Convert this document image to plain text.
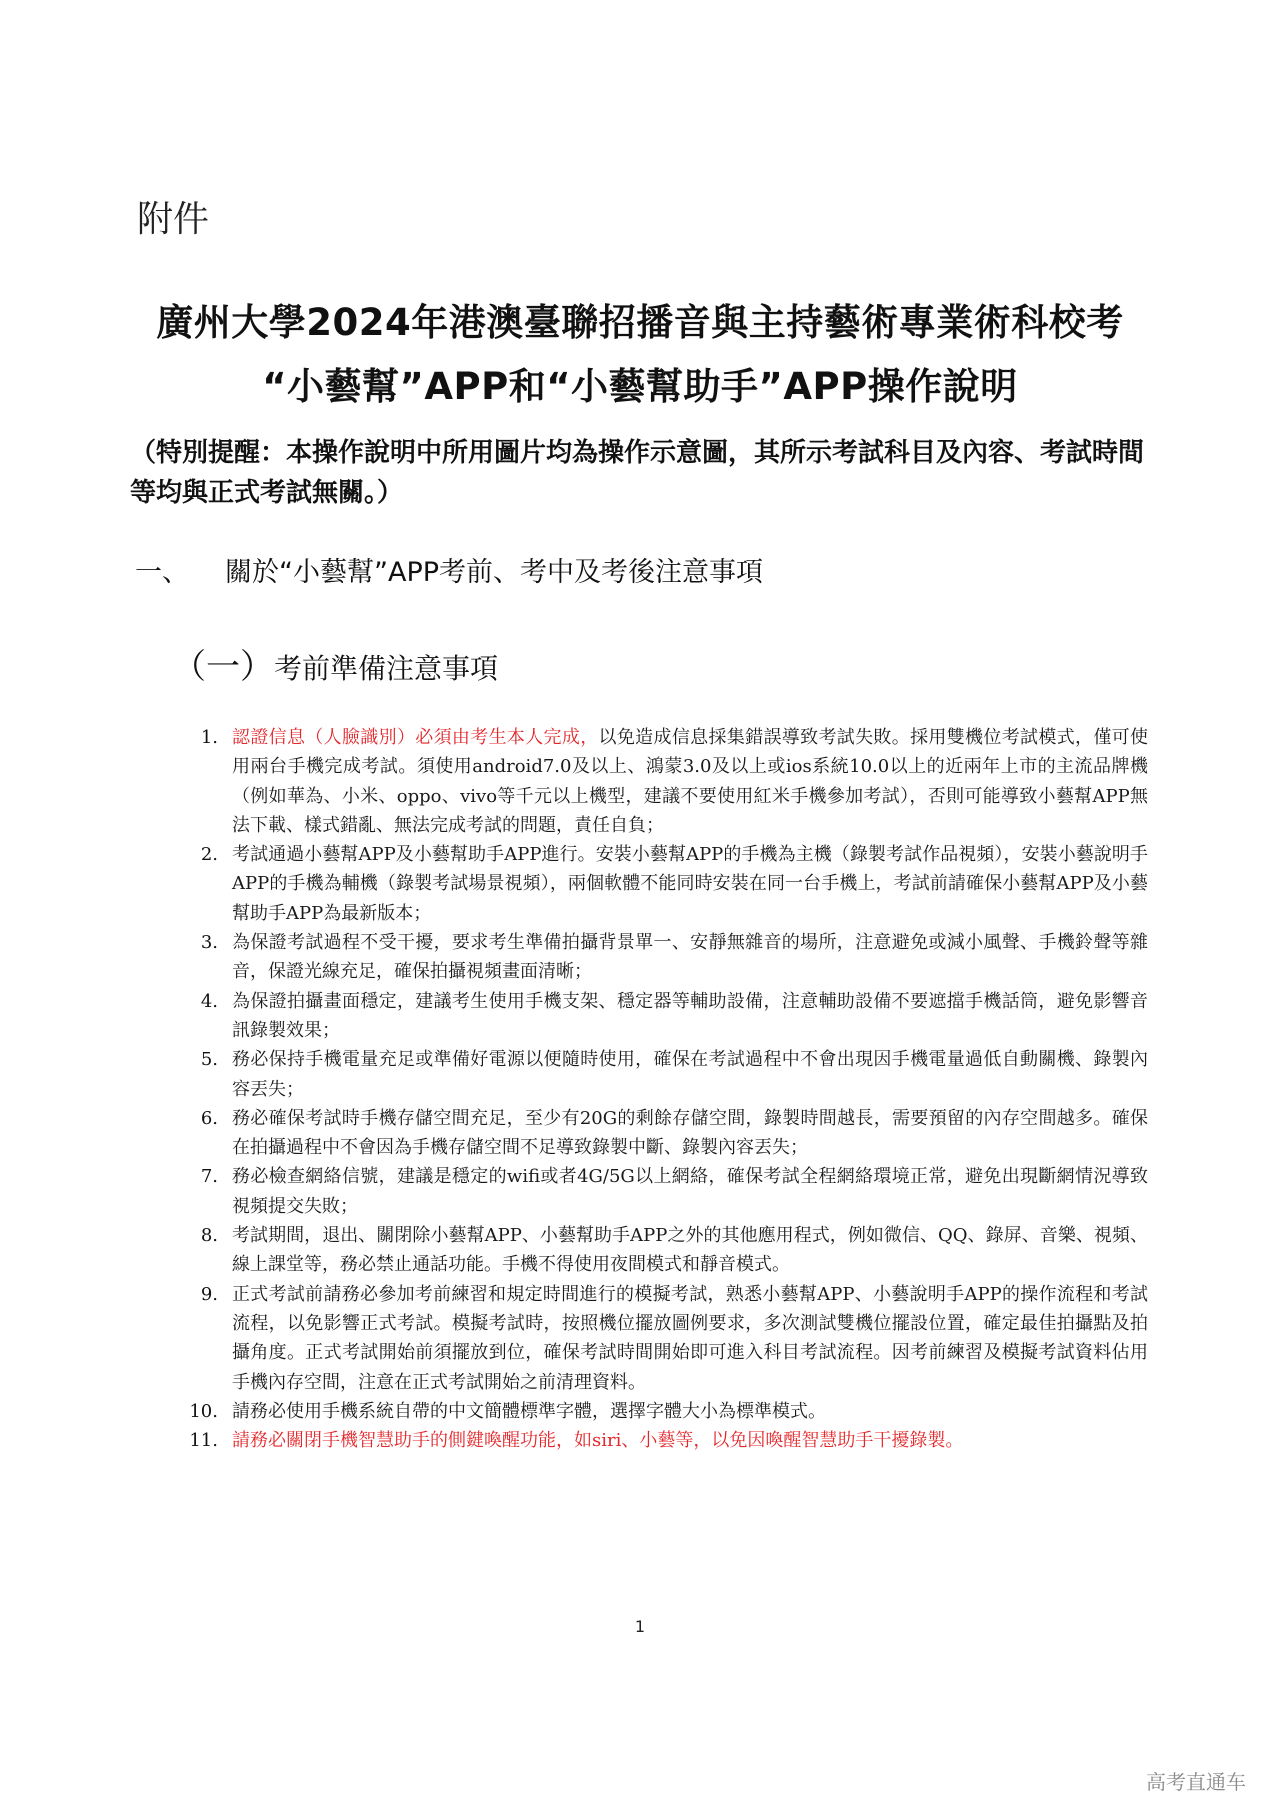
附件
廣州大學2024年港澳臺聯招播音與主持藝術專業術科校考
“小藝幫”APP和“小藝幫助手”APP操作說明
（特別提醒：本操作說明中所用圖片均為操作示意圖，其所示考試科目及內容、考試時間等均與正式考試無關。）
一、 關於“小藝幫”APP考前、考中及考後注意事項
（一）考前準備注意事項
1. 認證信息（人臉識別）必須由考生本人完成，以免造成信息採集錯誤導致考試失敗。採用雙機位考試模式，僅可使用兩台手機完成考試。須使用android7.0及以上、鴻蒙3.0及以上或ios系統10.0以上的近兩年上市的主流品牌機（例如華為、小米、oppo、vivo等千元以上機型，建議不要使用紅米手機參加考試），否則可能導致小藝幫APP無法下載、樣式錯亂、無法完成考試的問題，責任自負；
2. 考試通過小藝幫APP及小藝幫助手APP進行。安裝小藝幫APP的手機為主機（錄製考試作品視頻），安裝小藝說明手APP的手機為輔機（錄製考試場景視頻），兩個軟體不能同時安裝在同一台手機上，考試前請確保小藝幫APP及小藝幫助手APP為最新版本；
3. 為保證考試過程不受干擾，要求考生準備拍攝背景單一、安靜無雜音的場所，注意避免或減小風聲、手機鈴聲等雜音，保證光線充足，確保拍攝視頻畫面清晰；
4. 為保證拍攝畫面穩定，建議考生使用手機支架、穩定器等輔助設備，注意輔助設備不要遮擋手機話筒，避免影響音訊錄製效果；
5. 務必保持手機電量充足或準備好電源以便隨時使用，確保在考試過程中不會出現因手機電量過低自動關機、錄製內容丟失；
6. 務必確保考試時手機存儲空間充足，至少有20G的剩餘存儲空間，錄製時間越長，需要預留的內存空間越多。確保在拍攝過程中不會因為手機存儲空間不足導致錄製中斷、錄製內容丟失；
7. 務必檢查網絡信號，建議是穩定的wifi或者4G/5G以上網絡，確保考試全程網絡環境正常，避免出現斷網情況導致視頻提交失敗；
8. 考試期間，退出、關閉除小藝幫APP、小藝幫助手APP之外的其他應用程式，例如微信、QQ、錄屏、音樂、視頻、線上課堂等，務必禁止通話功能。手機不得使用夜間模式和靜音模式。
9. 正式考試前請務必參加考前練習和規定時間進行的模擬考試，熟悉小藝幫APP、小藝說明手APP的操作流程和考試流程，以免影響正式考試。模擬考試時，按照機位擺放圖例要求，多次測試雙機位擺設位置，確定最佳拍攝點及拍攝角度。正式考試開始前須擺放到位，確保考試時間開始即可進入科目考試流程。因考前練習及模擬考試資料佔用手機內存空間，注意在正式考試開始之前清理資料。
10. 請務必使用手機系統自帶的中文簡體標準字體，選擇字體大小為標準模式。
11. 請務必關閉手機智慧助手的側鍵喚醒功能，如siri、小藝等，以免因喚醒智慧助手干擾錄製。
1
高考直通车
